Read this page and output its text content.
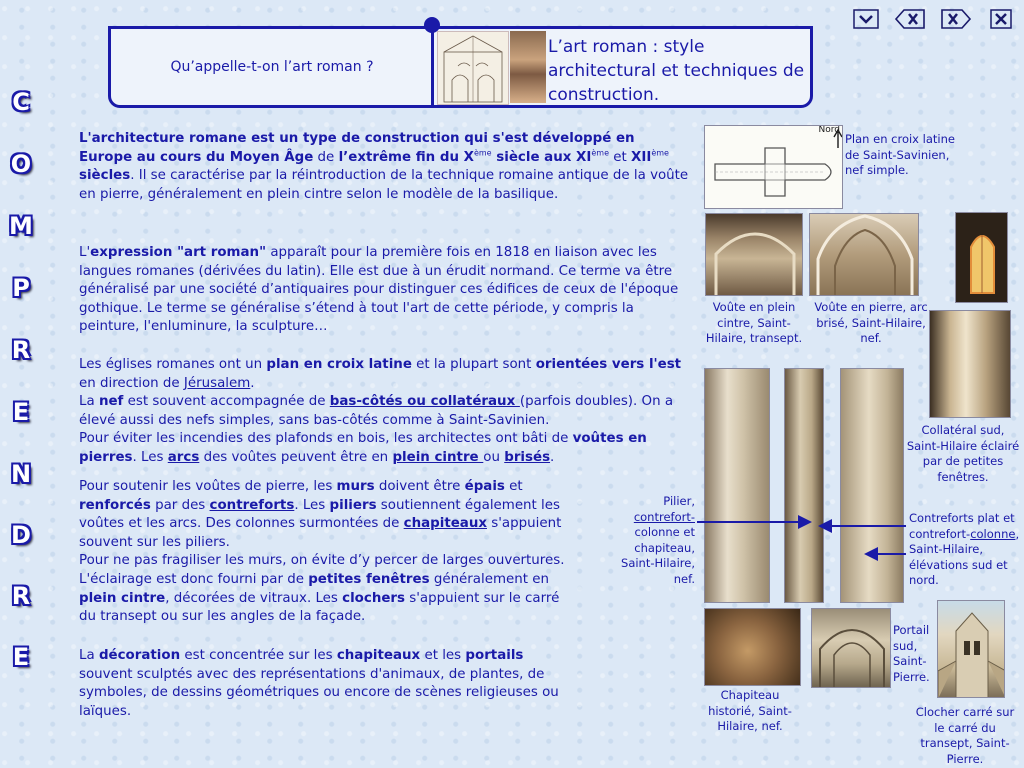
Qu’appelle-t-on l’art roman ?
L’art roman : style architectural et techniques de construction.
C
O
M
P
R
E
N
D
R
E
L'architecture romane est un type de construction qui s'est développé en Europe au cours du Moyen Âge de l’extrême fin du Xème siècle aux XIème et XIIème siècles. Il se caractérise par la réintroduction de la technique romaine antique de la voûte en pierre, généralement en plein cintre selon le modèle de la basilique.
L'expression "art roman" apparaît pour la première fois en 1818 en liaison avec les langues romanes (dérivées du latin). Elle est due à un érudit normand. Ce terme va être généralisé par une société d’antiquaires pour distinguer ces édifices de ceux de l'époque gothique. Le terme se généralise s’étend à tout l'art de cette période, y compris la peinture, l'enluminure, la sculpture…
Les églises romanes ont un plan en croix latine et la plupart sont orientées vers l'est en direction de Jérusalem.
La nef est souvent accompagnée de bas-côtés ou collatéraux (parfois doubles). On a élevé aussi des nefs simples, sans bas-côtés comme à Saint-Savinien.
Pour éviter les incendies des plafonds en bois, les architectes ont bâti de voûtes en pierres. Les arcs des voûtes peuvent être en plein cintre ou brisés.
Pour soutenir les voûtes de pierre, les murs doivent être épais et renforcés par des contreforts. Les piliers soutiennent également les voûtes et les arcs. Des colonnes surmontées de chapiteaux s'appuient souvent sur les piliers.
Pour ne pas fragiliser les murs, on évite d’y percer de larges ouvertures. L'éclairage est donc fourni par de petites fenêtres généralement en plein cintre, décorées de vitraux. Les clochers s'appuient sur le carré du transept ou sur les angles de la façade.
La décoration est concentrée sur les chapiteaux et les portails souvent sculptés avec des représentations d'animaux, de plantes, de symboles, de dessins géométriques ou encore de scènes religieuses ou laïques.
Nord
Plan en croix latine de Saint-Savinien, nef simple.
Voûte en plein cintre, Saint-Hilaire, transept.
Voûte en pierre, arc brisé, Saint-Hilaire, nef.
Collatéral sud, Saint-Hilaire éclairé par de petites fenêtres.
Pilier,
contrefort-
colonne et chapiteau, Saint-Hilaire, nef.
Contreforts plat et contrefort-colonne, Saint-Hilaire, élévations sud et nord.
Chapiteau historié, Saint-Hilaire, nef.
Portail sud, Saint-Pierre.
Clocher carré sur le carré du transept, Saint-Pierre.
